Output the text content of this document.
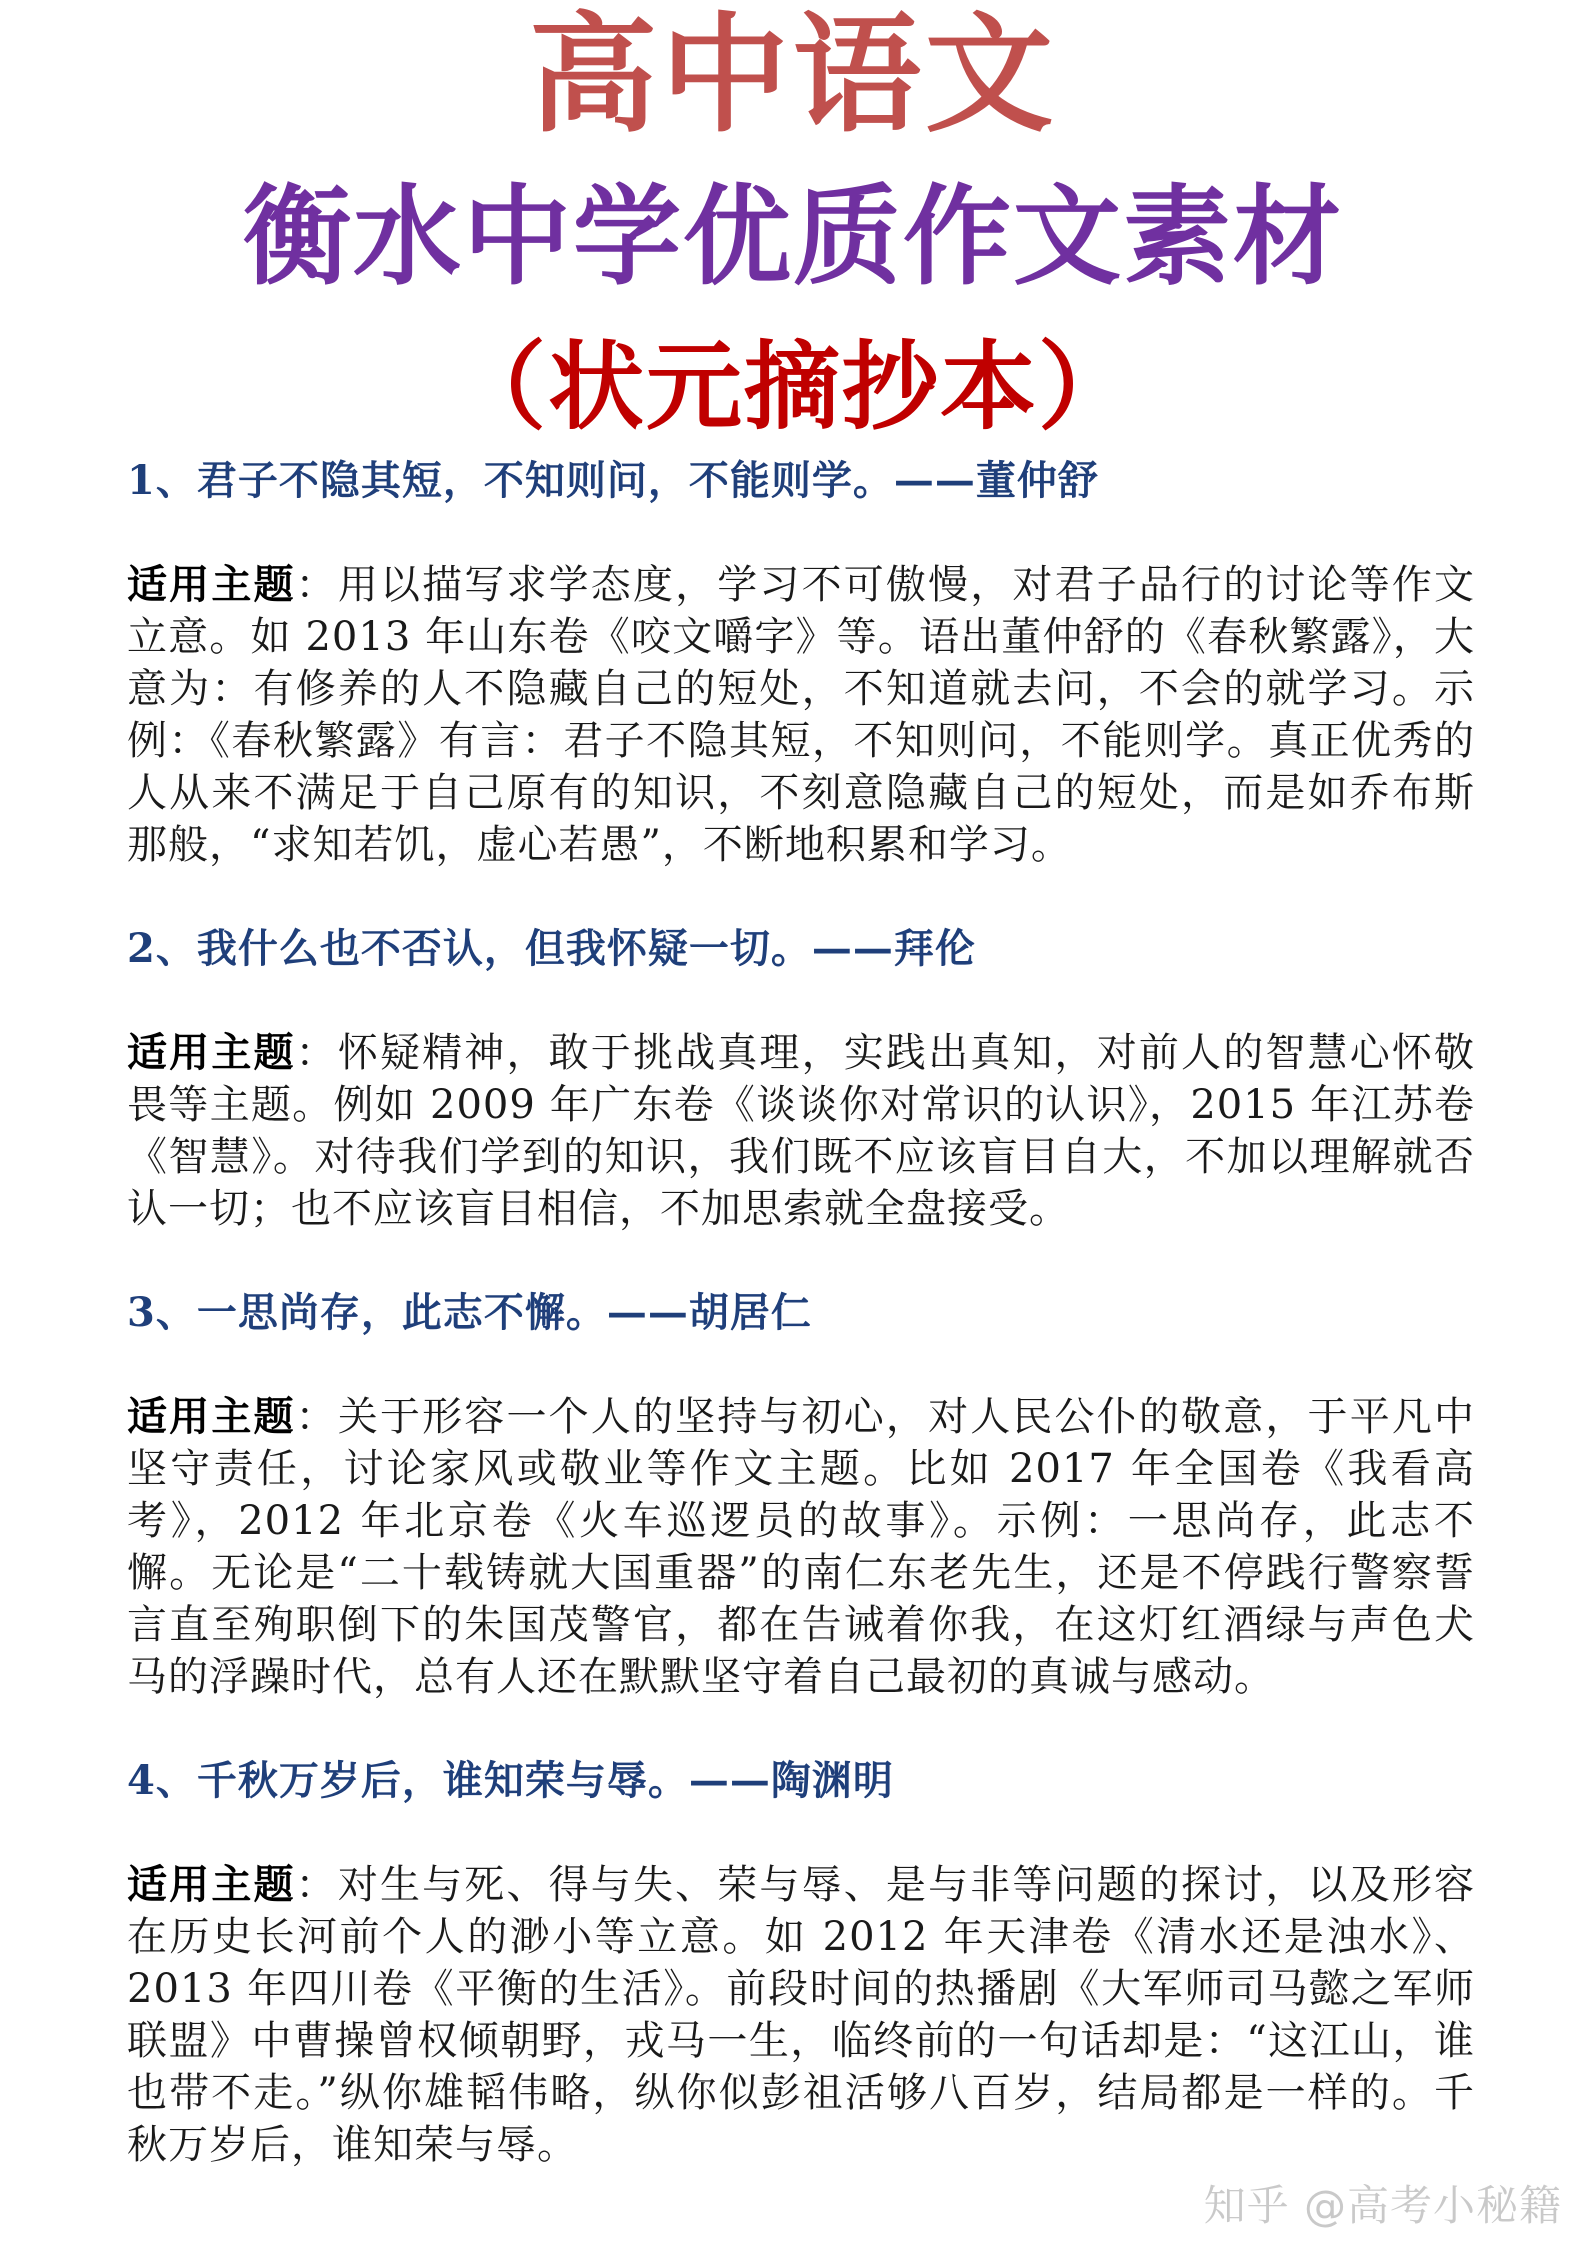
高中语文
衡水中学优质作文素材
（状元摘抄本）

1、君子不隐其短，不知则问，不能则学。——董仲舒

适用主题：用以描写求学态度，学习不可傲慢，对君子品行的讨论等作文立意。如 2013 年山东卷《咬文嚼字》等。语出董仲舒的《春秋繁露》，大意为：有修养的人不隐藏自己的短处，不知道就去问，不会的就学习。示例：《春秋繁露》有言：君子不隐其短，不知则问，不能则学。真正优秀的人从来不满足于自己原有的知识，不刻意隐藏自己的短处，而是如乔布斯那般，“求知若饥，虚心若愚”，不断地积累和学习。

2、我什么也不否认，但我怀疑一切。——拜伦

适用主题：怀疑精神，敢于挑战真理，实践出真知，对前人的智慧心怀敬畏等主题。例如 2009 年广东卷《谈谈你对常识的认识》，2015 年江苏卷《智慧》。对待我们学到的知识，我们既不应该盲目自大，不加以理解就否认一切；也不应该盲目相信，不加思索就全盘接受。

3、一思尚存，此志不懈。——胡居仁

适用主题：关于形容一个人的坚持与初心，对人民公仆的敬意，于平凡中坚守责任，讨论家风或敬业等作文主题。比如 2017 年全国卷《我看高考》，2012 年北京卷《火车巡逻员的故事》。示例：一思尚存，此志不懈。无论是“二十载铸就大国重器”的南仁东老先生，还是不停践行警察誓言直至殉职倒下的朱国茂警官，都在告诫着你我，在这灯红酒绿与声色犬马的浮躁时代，总有人还在默默坚守着自己最初的真诚与感动。

4、千秋万岁后，谁知荣与辱。——陶渊明

适用主题：对生与死、得与失、荣与辱、是与非等问题的探讨，以及形容在历史长河前个人的渺小等立意。如 2012 年天津卷《清水还是浊水》、2013 年四川卷《平衡的生活》。前段时间的热播剧《大军师司马懿之军师联盟》中曹操曾权倾朝野，戎马一生，临终前的一句话却是：“这江山，谁也带不走。”纵你雄韬伟略，纵你似彭祖活够八百岁，结局都是一样的。千秋万岁后，谁知荣与辱。

知乎 @高考小秘籍
